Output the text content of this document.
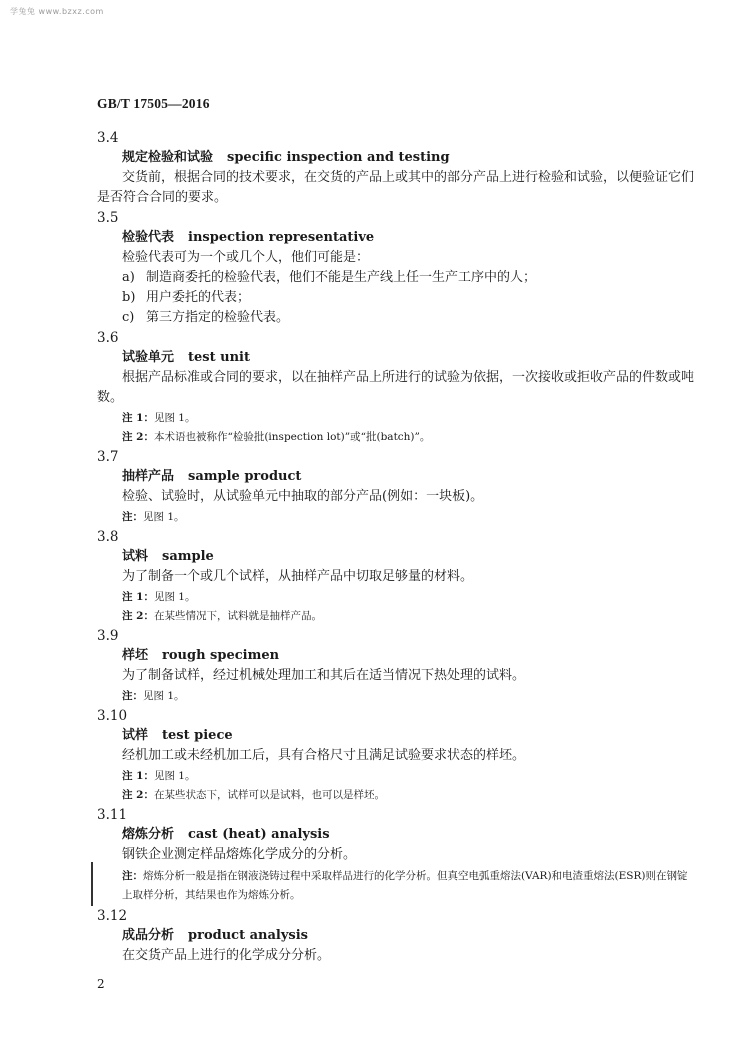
学兔兔 www.bzxz.com
GB/T 17505—2016
3.4
规定检验和试验 specific inspection and testing
交货前，根据合同的技术要求，在交货的产品上或其中的部分产品上进行检验和试验，以便验证它们是否符合合同的要求。
3.5
检验代表 inspection representative
检验代表可为一个或几个人，他们可能是：
a) 制造商委托的检验代表，他们不能是生产线上任一生产工序中的人；
b) 用户委托的代表；
c) 第三方指定的检验代表。
3.6
试验单元 test unit
根据产品标准或合同的要求，以在抽样产品上所进行的试验为依据，一次接收或拒收产品的件数或吨数。
注 1：见图 1。
注 2：本术语也被称作“检验批(inspection lot)”或“批(batch)”。
3.7
抽样产品 sample product
检验、试验时，从试验单元中抽取的部分产品(例如：一块板)。
注：见图 1。
3.8
试料 sample
为了制备一个或几个试样，从抽样产品中切取足够量的材料。
注 1：见图 1。
注 2：在某些情况下，试料就是抽样产品。
3.9
样坯 rough specimen
为了制备试样，经过机械处理加工和其后在适当情况下热处理的试料。
注：见图 1。
3.10
试样 test piece
经机加工或未经机加工后，具有合格尺寸且满足试验要求状态的样坯。
注 1：见图 1。
注 2：在某些状态下，试样可以是试料，也可以是样坯。
3.11
熔炼分析 cast (heat) analysis
钢铁企业测定样品熔炼化学成分的分析。
注：熔炼分析一般是指在钢液浇铸过程中采取样品进行的化学分析。但真空电弧重熔法(VAR)和电渣重熔法(ESR)则在钢锭上取样分析，其结果也作为熔炼分析。
3.12
成品分析 product analysis
在交货产品上进行的化学成分分析。
2
